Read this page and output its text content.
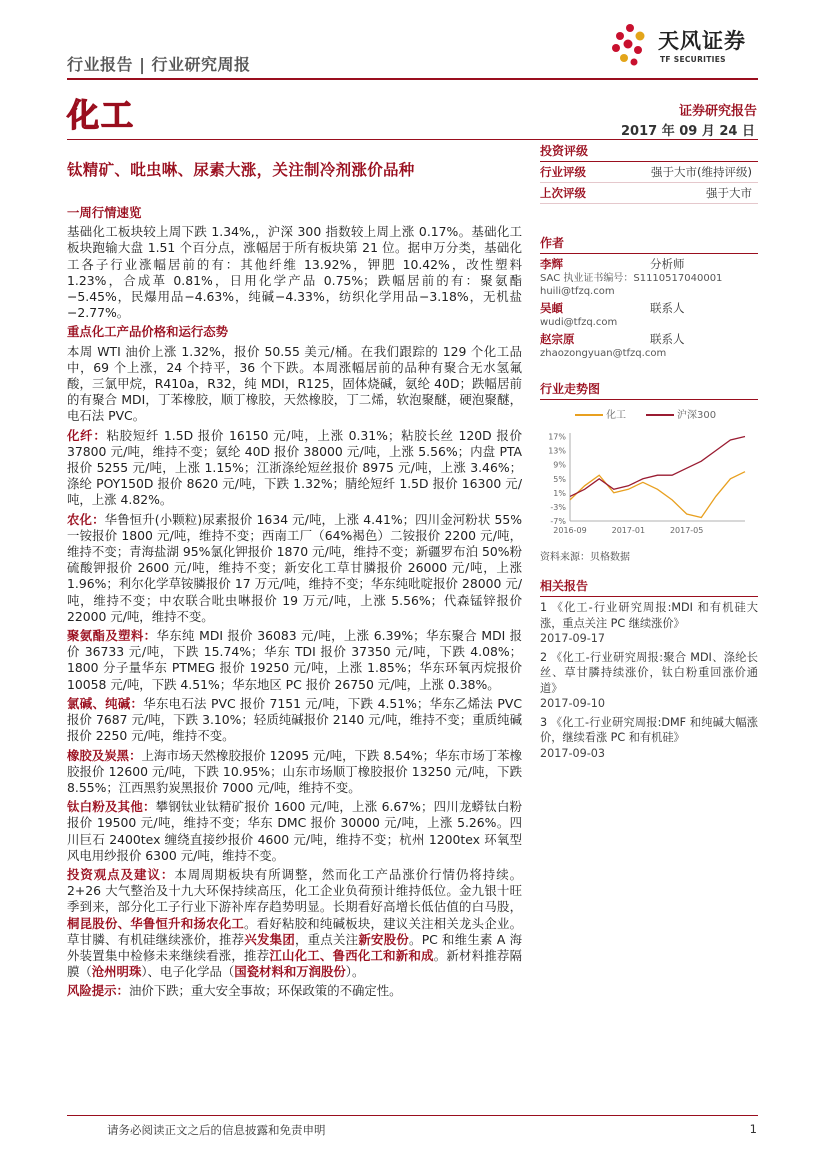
行业报告 | 行业研究周报
天风证券
TF SECURITIES
化工	证券研究报告
2017 年 09 月 24 日
钛精矿、吡虫啉、尿素大涨，关注制冷剂涨价品种
一周行情速览

基础化工板块较上周下跌 1.34%,，沪深 300 指数较上周上涨 0.17%。基础化工板块跑输大盘 1.51 个百分点，涨幅居于所有板块第 21 位。据申万分类，基础化工各子行业涨幅居前的有：其他纤维 13.92%，钾肥 10.42%，改性塑料 1.23%，合成革 0.81%，日用化学产品 0.75%；跌幅居前的有：聚氨酯−5.45%，民爆用品−4.63%，纯碱−4.33%，纺织化学用品−3.18%，无机盐−2.77%。

重点化工产品价格和运行态势

本周 WTI 油价上涨 1.32%，报价 50.55 美元/桶。在我们跟踪的 129 个化工品中，69 个上涨，24 个持平，36 个下跌。本周涨幅居前的品种有聚合无水氢氟酸，三氯甲烷，R410a，R32，纯 MDI，R125，固体烧碱，氨纶 40D；跌幅居前的有聚合 MDI，丁苯橡胶，顺丁橡胶，天然橡胶，丁二烯，软泡聚醚，硬泡聚醚，电石法 PVC。

化纤：粘胶短纤 1.5D 报价 16150 元/吨，上涨 0.31%；粘胶长丝 120D 报价 37800 元/吨，维持不变；氨纶 40D 报价 38000 元/吨，上涨 5.56%；内盘 PTA 报价 5255 元/吨，上涨 1.15%；江浙涤纶短丝报价 8975 元/吨，上涨 3.46%；涤纶 POY150D 报价 8620 元/吨，下跌 1.32%；腈纶短纤 1.5D 报价 16300 元/吨，上涨 4.82%。

农化：华鲁恒升(小颗粒)尿素报价 1634 元/吨，上涨 4.41%；四川金河粉状 55%一铵报价 1800 元/吨，维持不变；西南工厂（64%褐色）二铵报价 2200 元/吨，维持不变；青海盐湖 95%氯化钾报价 1870 元/吨，维持不变；新疆罗布泊 50%粉硫酸钾报价 2600 元/吨，维持不变；新安化工草甘膦报价 26000 元/吨，上涨 1.96%；利尔化学草铵膦报价 17 万元/吨，维持不变；华东纯吡啶报价 28000 元/吨，维持不变；中农联合吡虫啉报价 19 万元/吨，上涨 5.56%；代森锰锌报价 22000 元/吨，维持不变。

聚氨酯及塑料：华东纯 MDI 报价 36083 元/吨，上涨 6.39%；华东聚合 MDI 报价 36733 元/吨，下跌 15.74%；华东 TDI 报价 37350 元/吨，下跌 4.08%；1800 分子量华东 PTMEG 报价 19250 元/吨，上涨 1.85%；华东环氧丙烷报价 10058 元/吨，下跌 4.51%；华东地区 PC 报价 26750 元/吨，上涨 0.38%。

氯碱、纯碱：华东电石法 PVC 报价 7151 元/吨，下跌 4.51%；华东乙烯法 PVC 报价 7687 元/吨，下跌 3.10%；轻质纯碱报价 2140 元/吨，维持不变；重质纯碱报价 2250 元/吨，维持不变。

橡胶及炭黑：上海市场天然橡胶报价 12095 元/吨，下跌 8.54%；华东市场丁苯橡胶报价 12600 元/吨，下跌 10.95%；山东市场顺丁橡胶报价 13250 元/吨，下跌 8.55%；江西黑豹炭黑报价 7000 元/吨，维持不变。

钛白粉及其他：攀钢钛业钛精矿报价 1600 元/吨，上涨 6.67%；四川龙蟒钛白粉报价 19500 元/吨，维持不变；华东 DMC 报价 30000 元/吨，上涨 5.26%。四川巨石 2400tex 缠绕直接纱报价 4600 元/吨，维持不变；杭州 1200tex 环氧型风电用纱报价 6300 元/吨，维持不变。

投资观点及建议：本周周期板块有所调整，然而化工产品涨价行情仍将持续。2+26 大气整治及十九大环保持续高压，化工企业负荷预计维持低位。金九银十旺季到来，部分化工子行业下游补库存趋势明显。长期看好高增长低估值的白马股，桐昆股份、华鲁恒升和扬农化工。看好粘胶和纯碱板块，建议关注相关龙头企业。草甘膦、有机硅继续涨价，推荐兴发集团，重点关注新安股份。PC 和维生素 A 海外装置集中检修未来继续看涨，推荐江山化工、鲁西化工和新和成。新材料推荐隔膜（沧州明珠）、电子化学品（国瓷材料和万润股份）。

风险提示：油价下跌；重大安全事故；环保政策的不确定性。

投资评级
行业评级	强于大市(维持评级)
上次评级	强于大市
作者
李辉	分析师
SAC 执业证书编号：S1110517040001
huili@tfzq.com
吴頔	联系人
wudi@tfzq.com
赵宗原	联系人
zhaozongyuan@tfzq.com
行业走势图
化工	沪深300
17%
13%
9%
5%
1%
-3%
-7%
2016-09	2017-01	2017-05
资料来源：贝格数据
相关报告
1 《化工-行业研究周报:MDI 和有机硅大涨，重点关注 PC 继续涨价》
2017-09-17
2 《化工-行业研究周报:聚合 MDI、涤纶长丝、草甘膦持续涨价，钛白粉重回涨价通道》
2017-09-10
3 《化工-行业研究周报:DMF 和纯碱大幅涨价，继续看涨 PC 和有机硅》
2017-09-03
请务必阅读正文之后的信息披露和免责申明	1
